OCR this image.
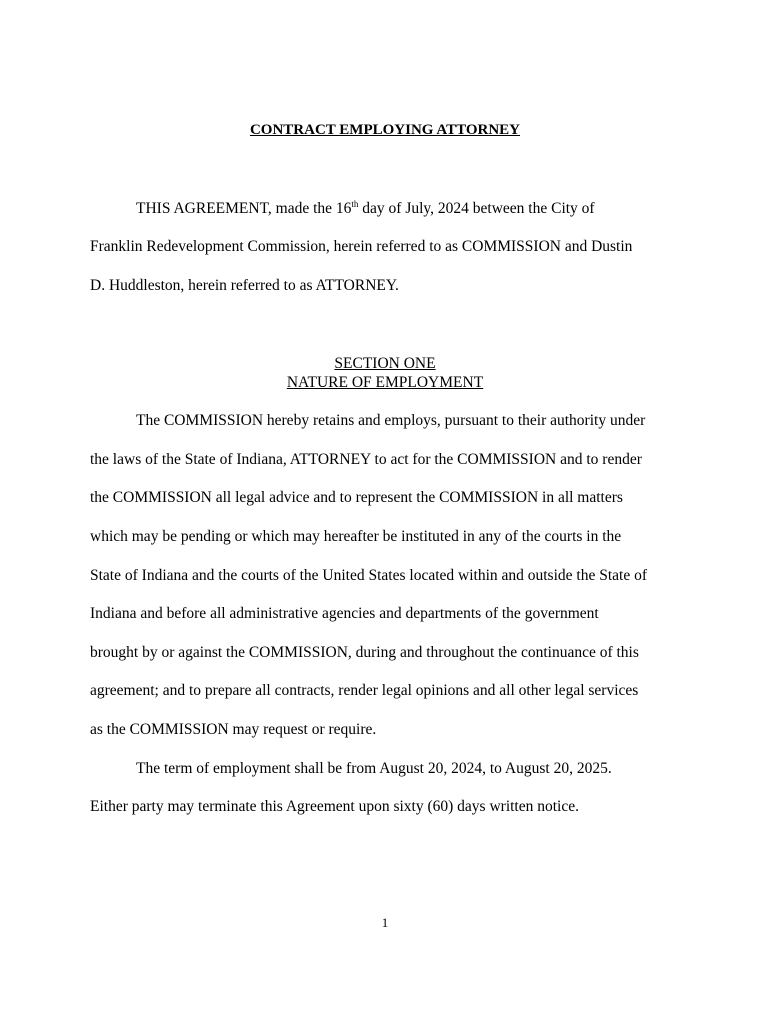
CONTRACT EMPLOYING ATTORNEY
THIS AGREEMENT, made the 16th day of July, 2024 between the City of
Franklin Redevelopment Commission, herein referred to as COMMISSION and Dustin
D. Huddleston, herein referred to as ATTORNEY.
SECTION ONE
NATURE OF EMPLOYMENT
The COMMISSION hereby retains and employs, pursuant to their authority under
the laws of the State of Indiana, ATTORNEY to act for the COMMISSION and to render
the COMMISSION all legal advice and to represent the COMMISSION in all matters
which may be pending or which may hereafter be instituted in any of the courts in the
State of Indiana and the courts of the United States located within and outside the State of
Indiana and before all administrative agencies and departments of the government
brought by or against the COMMISSION, during and throughout the continuance of this
agreement; and to prepare all contracts, render legal opinions and all other legal services
as the COMMISSION may request or require.
The term of employment shall be from August 20, 2024, to August 20, 2025.
Either party may terminate this Agreement upon sixty (60) days written notice.
1
